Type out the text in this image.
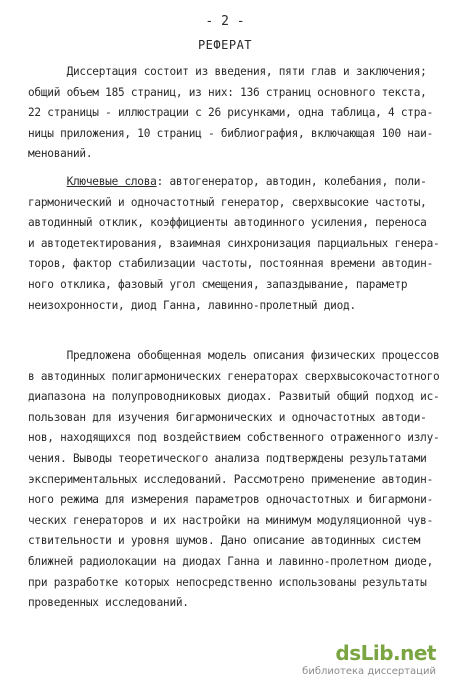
- 2 -
РЕФЕРАТ
Диссертация состоит из введения, пяти глав и заключения;
общий объем 185 страниц, из них: 136 страниц основного текста,
22 страницы - иллюстрации с 26 рисунками, одна таблица, 4 стра-
ницы приложения, 10 страниц - библиография, включающая 100 наи-
менований.
Ключевые слова: автогенератор, автодин, колебания, поли-
гармонический и одночастотный генератор, сверхвысокие частоты,
автодинный отклик, коэффициенты автодинного усиления, переноса
и автодетектирования, взаимная синхронизация парциальных генера-
торов, фактор стабилизации частоты, постоянная времени автодин-
ного отклика, фазовый угол смещения, запаздывание, параметр
неизохронности, диод Ганна, лавинно-пролетный диод.
Предложена обобщенная модель описания физических процессов
в автодинных полигармонических генераторах сверхвысокочастотного
диапазона на полупроводниковых диодах. Развитый общий подход ис-
пользован для изучения бигармонических и одночастотных автоди-
нов, находящихся под воздействием собственного отраженного излу-
чения. Выводы теоретического анализа подтверждены результатами
экспериментальных исследований. Рассмотрено применение автодин-
ного режима для измерения параметров одночастотных и бигармони-
ческих генераторов и их настройки на минимум модуляционной чув-
ствительности и уровня шумов. Дано описание автодинных систем
ближней радиолокации на диодах Ганна и лавинно-пролетном диоде,
при разработке которых непосредственно использованы результаты
проведенных исследований.
dsLib.net
библиотека диссертаций
